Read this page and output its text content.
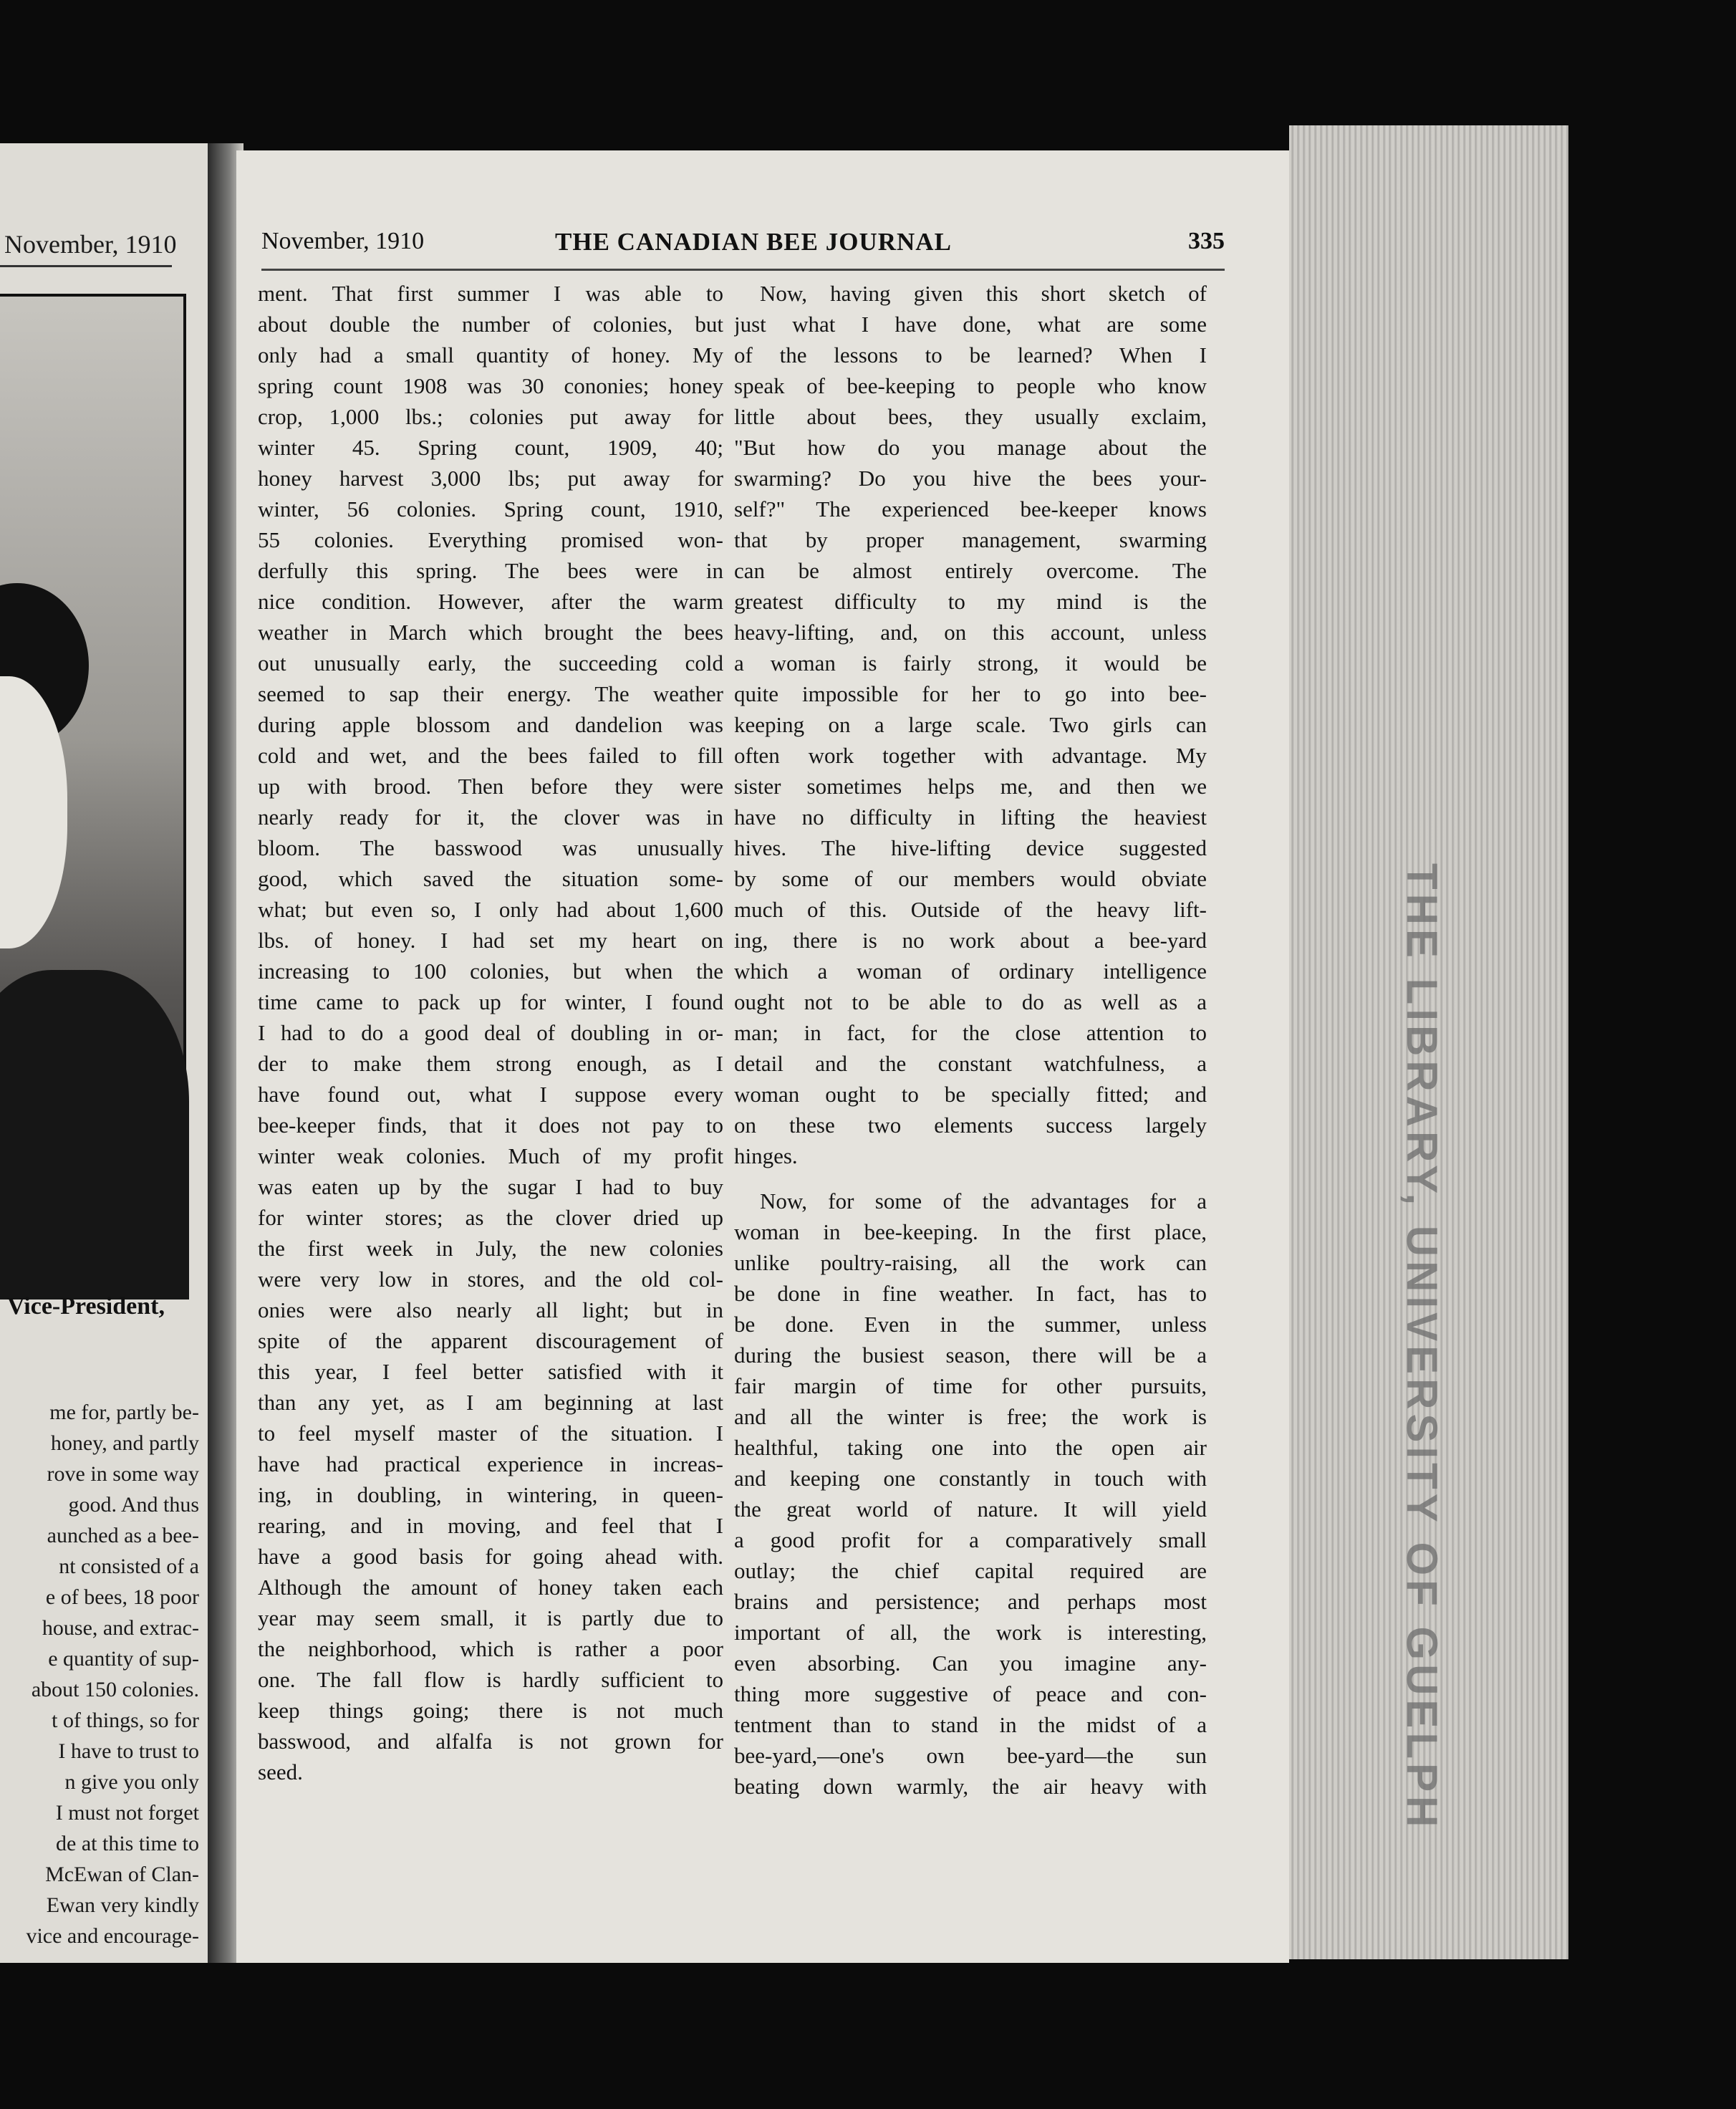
November, 1910
Vice-President,
me for, partly be-
honey, and partly
rove in some way
good. And thus
aunched as a bee-
nt consisted of a
e of bees, 18 poor
house, and extrac-
e quantity of sup-
about 150 colonies.
t of things, so for
I have to trust to
n give you only
I must not forget
de at this time to
McEwan of Clan-
Ewan very kindly
vice and encourage-
November, 1910	THE CANADIAN BEE JOURNAL	335
ment. That first summer I was able to
about double the number of colonies, but
only had a small quantity of honey. My
spring count 1908 was 30 cononies; honey
crop, 1,000 lbs.; colonies put away for
winter 45. Spring count, 1909, 40;
honey harvest 3,000 lbs; put away for
winter, 56 colonies. Spring count, 1910,
55 colonies. Everything promised won-
derfully this spring. The bees were in
nice condition. However, after the warm
weather in March which brought the bees
out unusually early, the succeeding cold
seemed to sap their energy. The weather
during apple blossom and dandelion was
cold and wet, and the bees failed to fill
up with brood. Then before they were
nearly ready for it, the clover was in
bloom. The basswood was unusually
good, which saved the situation some-
what; but even so, I only had about 1,600
lbs. of honey. I had set my heart on
increasing to 100 colonies, but when the
time came to pack up for winter, I found
I had to do a good deal of doubling in or-
der to make them strong enough, as I
have found out, what I suppose every
bee-keeper finds, that it does not pay to
winter weak colonies. Much of my profit
was eaten up by the sugar I had to buy
for winter stores; as the clover dried up
the first week in July, the new colonies
were very low in stores, and the old col-
onies were also nearly all light; but in
spite of the apparent discouragement of
this year, I feel better satisfied with it
than any yet, as I am beginning at last
to feel myself master of the situation. I
have had practical experience in increas-
ing, in doubling, in wintering, in queen-
rearing, and in moving, and feel that I
have a good basis for going ahead with.
Although the amount of honey taken each
year may seem small, it is partly due to
the neighborhood, which is rather a poor
one. The fall flow is hardly sufficient to
keep things going; there is not much
basswood, and alfalfa is not grown for
seed.
Now, having given this short sketch of
just what I have done, what are some
of the lessons to be learned? When I
speak of bee-keeping to people who know
little about bees, they usually exclaim,
"But how do you manage about the
swarming? Do you hive the bees your-
self?" The experienced bee-keeper knows
that by proper management, swarming
can be almost entirely overcome. The
greatest difficulty to my mind is the
heavy-lifting, and, on this account, unless
a woman is fairly strong, it would be
quite impossible for her to go into bee-
keeping on a large scale. Two girls can
often work together with advantage. My
sister sometimes helps me, and then we
have no difficulty in lifting the heaviest
hives. The hive-lifting device suggested
by some of our members would obviate
much of this. Outside of the heavy lift-
ing, there is no work about a bee-yard
which a woman of ordinary intelligence
ought not to be able to do as well as a
man; in fact, for the close attention to
detail and the constant watchfulness, a
woman ought to be specially fitted; and
on these two elements success largely
hinges.
Now, for some of the advantages for a
woman in bee-keeping. In the first place,
unlike poultry-raising, all the work can
be done in fine weather. In fact, has to
be done. Even in the summer, unless
during the busiest season, there will be a
fair margin of time for other pursuits,
and all the winter is free; the work is
healthful, taking one into the open air
and keeping one constantly in touch with
the great world of nature. It will yield
a good profit for a comparatively small
outlay; the chief capital required are
brains and persistence; and perhaps most
important of all, the work is interesting,
even absorbing. Can you imagine any-
thing more suggestive of peace and con-
tentment than to stand in the midst of a
bee-yard,—one's own bee-yard—the sun
beating down warmly, the air heavy with	THE LIBRARY, UNIVERSITY OF GUELPH
